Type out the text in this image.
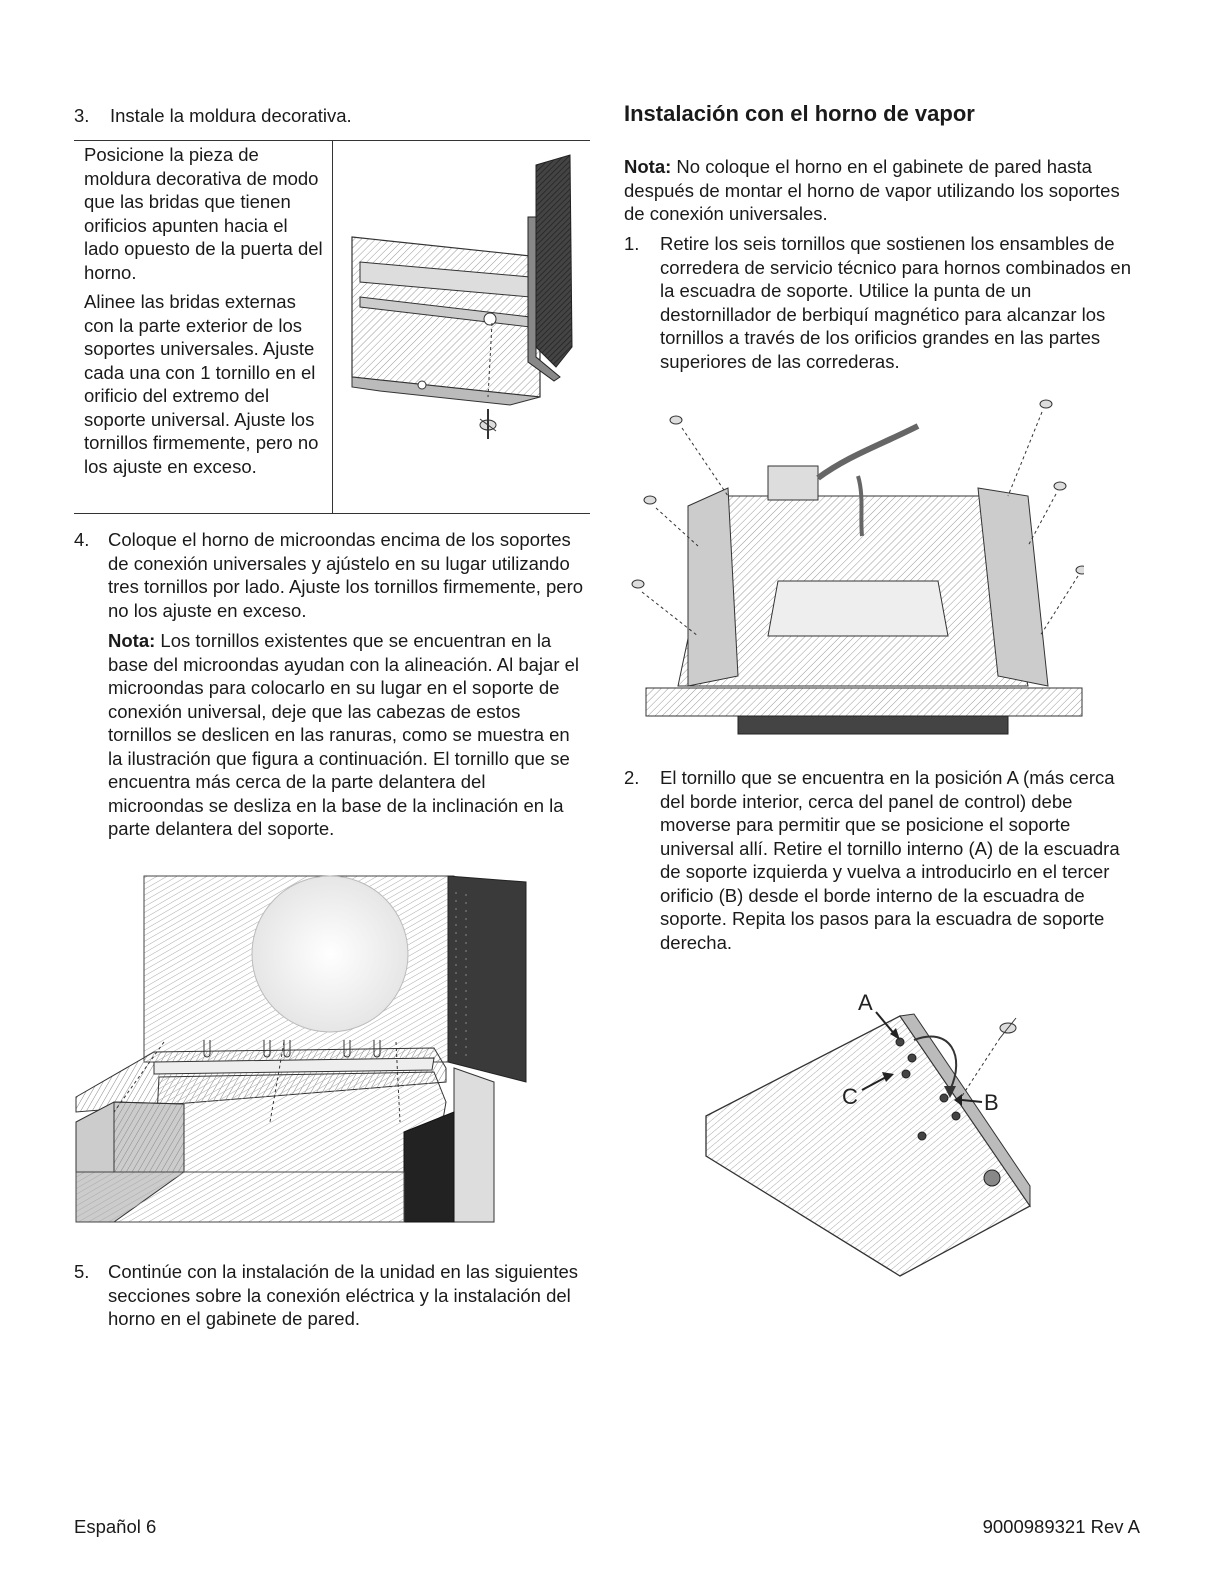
3. Instale la moldura decorativa.
Posicione la pieza de moldura decorativa de modo que las bridas que tienen orificios apunten hacia el lado opuesto de la puerta del horno.
Alinee las bridas externas con la parte exterior de los soportes universales. Ajuste cada una con 1 tornillo en el orificio del extremo del soporte universal. Ajuste los tornillos firmemente, pero no los ajuste en exceso.
4. Coloque el horno de microondas encima de los soportes de conexión universales y ajústelo en su lugar utilizando tres tornillos por lado. Ajuste los tornillos firmemente, pero no los ajuste en exceso.
Nota: Los tornillos existentes que se encuentran en la base del microondas ayudan con la alineación. Al bajar el microondas para colocarlo en su lugar en el soporte de conexión universal, deje que las cabezas de estos tornillos se deslicen en las ranuras, como se muestra en la ilustración que figura a continuación. El tornillo que se encuentra más cerca de la parte delantera del microondas se desliza en la base de la inclinación en la parte delantera del soporte.
5. Continúe con la instalación de la unidad en las siguientes secciones sobre la conexión eléctrica y la instalación del horno en el gabinete de pared.
Instalación con el horno de vapor
Nota: No coloque el horno en el gabinete de pared hasta después de montar el horno de vapor utilizando los soportes de conexión universales.
1. Retire los seis tornillos que sostienen los ensambles de corredera de servicio técnico para hornos combinados en la escuadra de soporte. Utilice la punta de un destornillador de berbiquí magnético para alcanzar los tornillos a través de los orificios grandes en las partes superiores de las correderas.
2. El tornillo que se encuentra en la posición A (más cerca del borde interior, cerca del panel de control) debe moverse para permitir que se posicione el soporte universal allí. Retire el tornillo interno (A) de la escuadra de soporte izquierda y vuelva a introducirlo en el tercer orificio (B) desde el borde interno de la escuadra de soporte. Repita los pasos para la escuadra de soporte derecha.
A
C	B
Español 6	9000989321 Rev A
